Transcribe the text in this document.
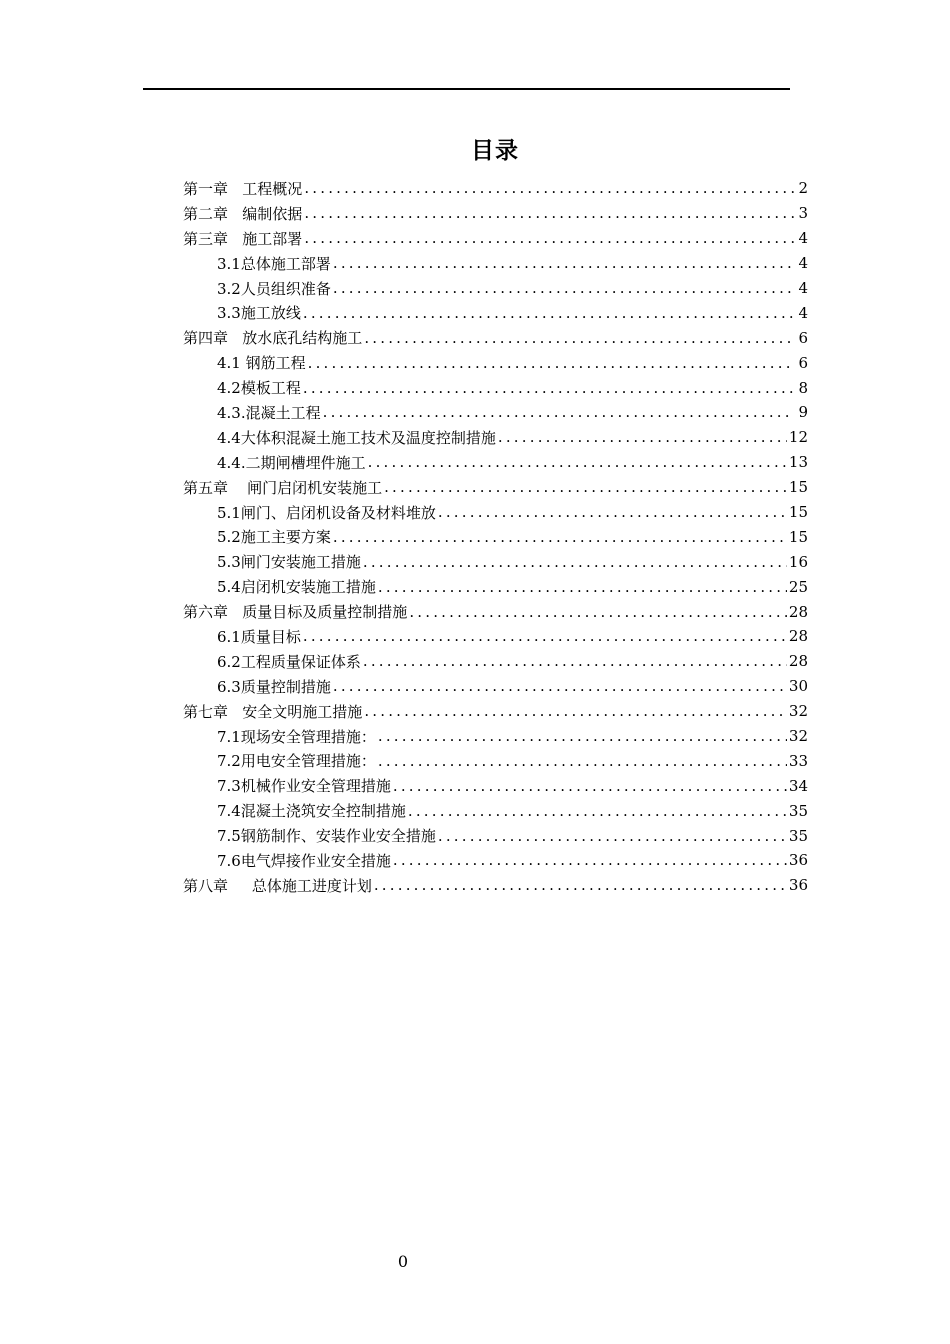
目录
第一章   工程概况 .....	2
第二章   编制依据 .....	3
第三章   施工部署 .....	4
3.1总体施工部署 .....	4
3.2人员组织准备 .....	4
3.3施工放线 .....	4
第四章   放水底孔结构施工 .....	6
4.1 钢筋工程 .....	6
4.2模板工程 .....	8
4.3.混凝土工程 .....	9
4.4大体积混凝土施工技术及温度控制措施 .....	12
4.4.二期闸槽埋件施工 .....	13
第五章    闸门启闭机安装施工 .....	15
5.1闸门、启闭机设备及材料堆放 .....	15
5.2施工主要方案 .....	15
5.3闸门安装施工措施 .....	16
5.4启闭机安装施工措施 .....	25
第六章   质量目标及质量控制措施 .....	28
6.1质量目标 .....	28
6.2工程质量保证体系 .....	28
6.3质量控制措施 .....	30
第七章   安全文明施工措施 .....	32
7.1现场安全管理措施： .....	32
7.2用电安全管理措施： .....	33
7.3机械作业安全管理措施 .....	34
7.4混凝土浇筑安全控制措施 .....	35
7.5钢筋制作、安装作业安全措施 .....	35
7.6电气焊接作业安全措施 .....	36
第八章     总体施工进度计划 .....	36
0
